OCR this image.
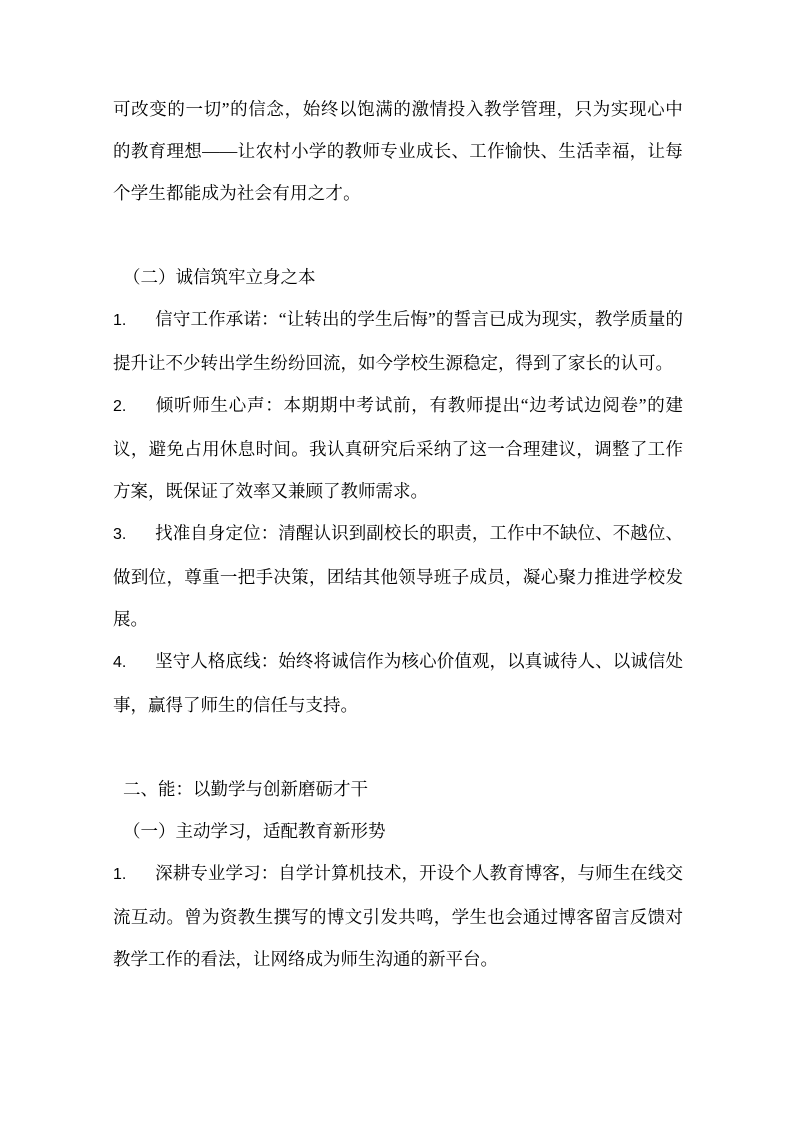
可改变的一切”的信念，始终以饱满的激情投入教学管理，只为实现心中的教育理想——让农村小学的教师专业成长、工作愉快、生活幸福，让每个学生都能成为社会有用之才。

（二）诚信筑牢立身之本

1. 信守工作承诺：“让转出的学生后悔”的誓言已成为现实，教学质量的提升让不少转出学生纷纷回流，如今学校生源稳定，得到了家长的认可。
2. 倾听师生心声：本期期中考试前，有教师提出“边考试边阅卷”的建议，避免占用休息时间。我认真研究后采纳了这一合理建议，调整了工作方案，既保证了效率又兼顾了教师需求。
3. 找准自身定位：清醒认识到副校长的职责，工作中不缺位、不越位、做到位，尊重一把手决策，团结其他领导班子成员，凝心聚力推进学校发展。
4. 坚守人格底线：始终将诚信作为核心价值观，以真诚待人、以诚信处事，赢得了师生的信任与支持。

二、能：以勤学与创新磨砺才干

（一）主动学习，适配教育新形势

1. 深耕专业学习：自学计算机技术，开设个人教育博客，与师生在线交流互动。曾为资教生撰写的博文引发共鸣，学生也会通过博客留言反馈对教学工作的看法，让网络成为师生沟通的新平台。
